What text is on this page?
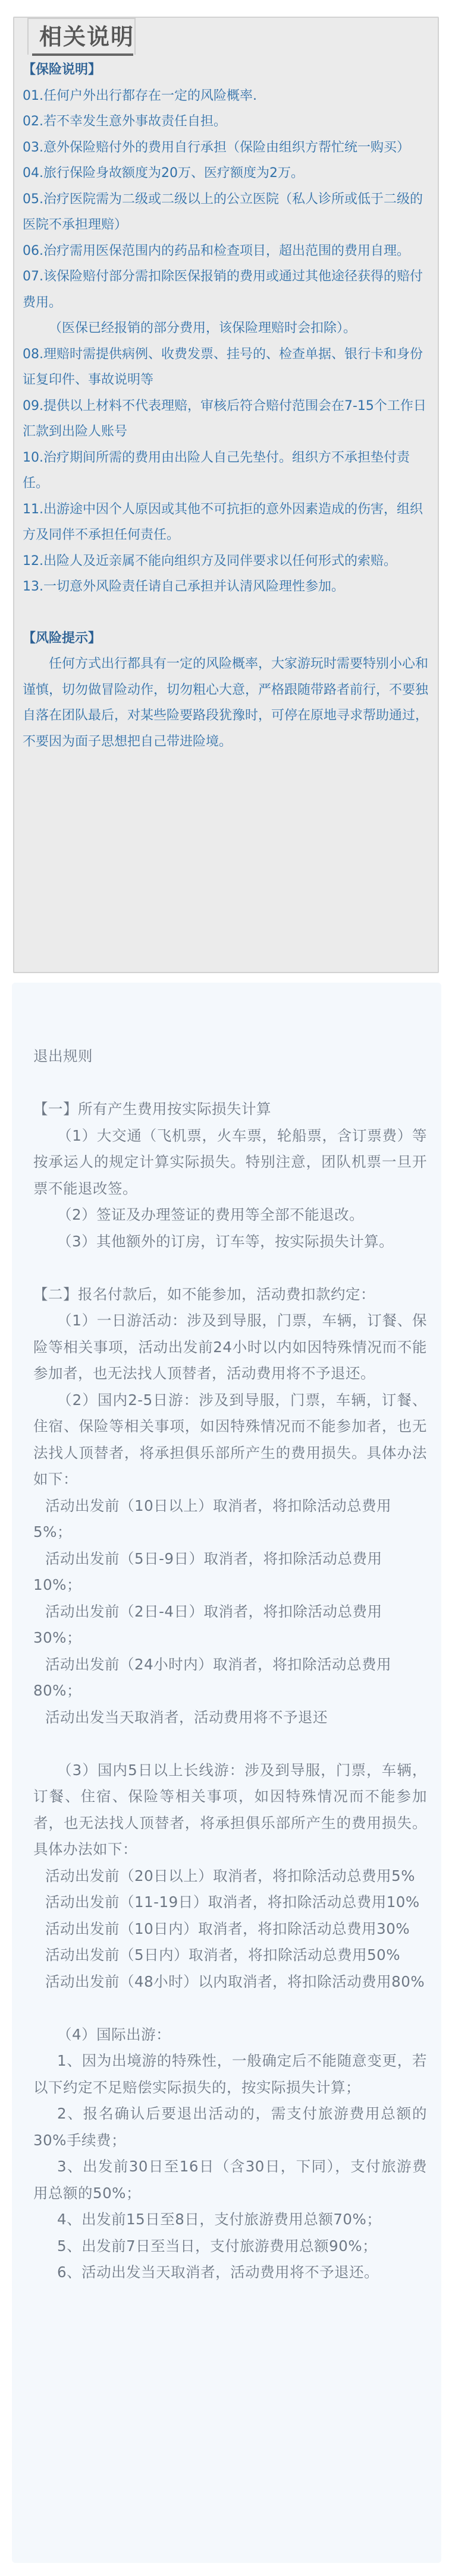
相关说明

【保险说明】

01.任何户外出行都存在一定的风险概率.

02.若不幸发生意外事故责任自担。

03.意外保险赔付外的费用自行承担（保险由组织方帮忙统一购买）

04.旅行保险身故额度为20万、医疗额度为2万。

05.治疗医院需为二级或二级以上的公立医院（私人诊所或低于二级的医院不承担理赔）

06.治疗需用医保范围内的药品和检查项目，超出范围的费用自理。

07.该保险赔付部分需扣除医保报销的费用或通过其他途径获得的赔付费用。

（医保已经报销的部分费用，该保险理赔时会扣除）。

08.理赔时需提供病例、收费发票、挂号的、检查单据、银行卡和身份证复印件、事故说明等

09.提供以上材料不代表理赔，审核后符合赔付范围会在7-15个工作日汇款到出险人账号

10.治疗期间所需的费用由出险人自己先垫付。组织方不承担垫付责任。

11.出游途中因个人原因或其他不可抗拒的意外因素造成的伤害，组织方及同伴不承担任何责任。

12.出险人及近亲属不能向组织方及同伴要求以任何形式的索赔。

13.一切意外风险责任请自己承担并认清风险理性参加。

【风险提示】

任何方式出行都具有一定的风险概率，大家游玩时需要特别小心和谨慎，切勿做冒险动作，切勿粗心大意，严格跟随带路者前行，不要独自落在团队最后，对某些险要路段犹豫时，可停在原地寻求帮助通过，不要因为面子思想把自己带进险境。

退出规则

【一】所有产生费用按实际损失计算

（1）大交通（飞机票，火车票，轮船票，含订票费）等按承运人的规定计算实际损失。特别注意，团队机票一旦开票不能退改签。

（2）签证及办理签证的费用等全部不能退改。

（3）其他额外的订房，订车等，按实际损失计算。

【二】报名付款后，如不能参加，活动费扣款约定：

（1）一日游活动：涉及到导服，门票，车辆，订餐、保险等相关事项，活动出发前24小时以内如因特殊情况而不能参加者，也无法找人顶替者，活动费用将不予退还。

（2）国内2-5日游：涉及到导服，门票，车辆，订餐、住宿、保险等相关事项，如因特殊情况而不能参加者，也无法找人顶替者，将承担俱乐部所产生的费用损失。具体办法如下：

活动出发前（10日以上）取消者，将扣除活动总费用5%；

活动出发前（5日-9日）取消者，将扣除活动总费用10%；

活动出发前（2日-4日）取消者，将扣除活动总费用30%；

活动出发前（24小时内）取消者，将扣除活动总费用80%；

活动出发当天取消者，活动费用将不予退还

（3）国内5日以上长线游：涉及到导服，门票，车辆，订餐、住宿、保险等相关事项，如因特殊情况而不能参加者，也无法找人顶替者，将承担俱乐部所产生的费用损失。具体办法如下：

活动出发前（20日以上）取消者，将扣除活动总费用5%

活动出发前（11-19日）取消者，将扣除活动总费用10%

活动出发前（10日内）取消者，将扣除活动总费用30%

活动出发前（5日内）取消者，将扣除活动总费用50%

活动出发前（48小时）以内取消者，将扣除活动费用80%

（4）国际出游：

1、因为出境游的特殊性，一般确定后不能随意变更，若以下约定不足赔偿实际损失的，按实际损失计算；

2、报名确认后要退出活动的，需支付旅游费用总额的30%手续费；

3、出发前30日至16日（含30日，下同），支付旅游费用总额的50%；

4、出发前15日至8日，支付旅游费用总额70%；

5、出发前7日至当日，支付旅游费用总额90%；

6、活动出发当天取消者，活动费用将不予退还。
